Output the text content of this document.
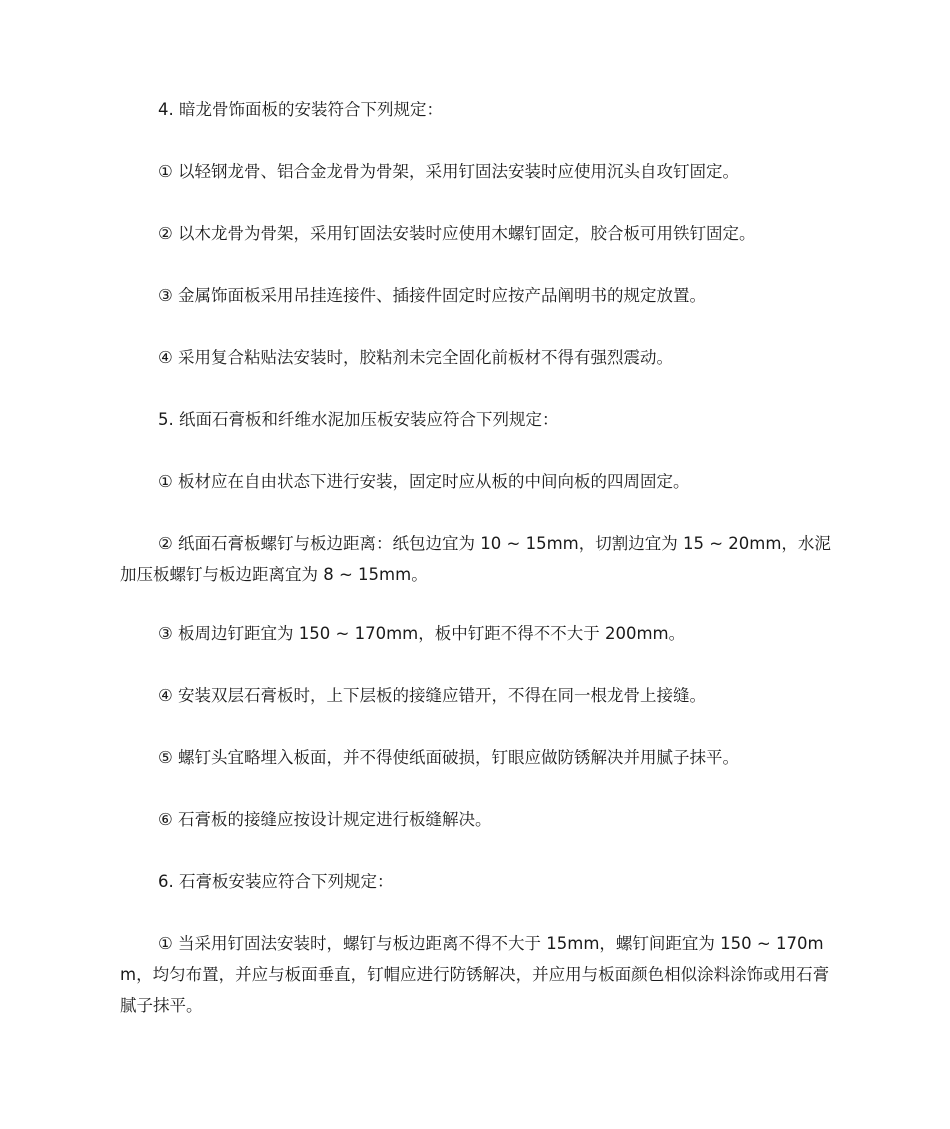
4. 暗龙骨饰面板的安装符合下列规定：

① 以轻钢龙骨、铝合金龙骨为骨架，采用钉固法安装时应使用沉头自攻钉固定。

② 以木龙骨为骨架，采用钉固法安装时应使用木螺钉固定，胶合板可用铁钉固定。

③ 金属饰面板采用吊挂连接件、插接件固定时应按产品阐明书的规定放置。

④ 采用复合粘贴法安装时，胶粘剂未完全固化前板材不得有强烈震动。

5. 纸面石膏板和纤维水泥加压板安装应符合下列规定：

① 板材应在自由状态下进行安装，固定时应从板的中间向板的四周固定。

② 纸面石膏板螺钉与板边距离：纸包边宜为 10 ~ 15mm，切割边宜为 15 ~ 20mm，水泥加压板螺钉与板边距离宜为 8 ~ 15mm。

③ 板周边钉距宜为 150 ~ 170mm，板中钉距不得不不大于 200mm。

④ 安装双层石膏板时，上下层板的接缝应错开，不得在同一根龙骨上接缝。

⑤ 螺钉头宜略埋入板面，并不得使纸面破损，钉眼应做防锈解决并用腻子抹平。

⑥ 石膏板的接缝应按设计规定进行板缝解决。

6. 石膏板安装应符合下列规定：

① 当采用钉固法安装时，螺钉与板边距离不得不大于 15mm，螺钉间距宜为 150 ~ 170mm，均匀布置，并应与板面垂直，钉帽应进行防锈解决，并应用与板面颜色相似涂料涂饰或用石膏腻子抹平。
